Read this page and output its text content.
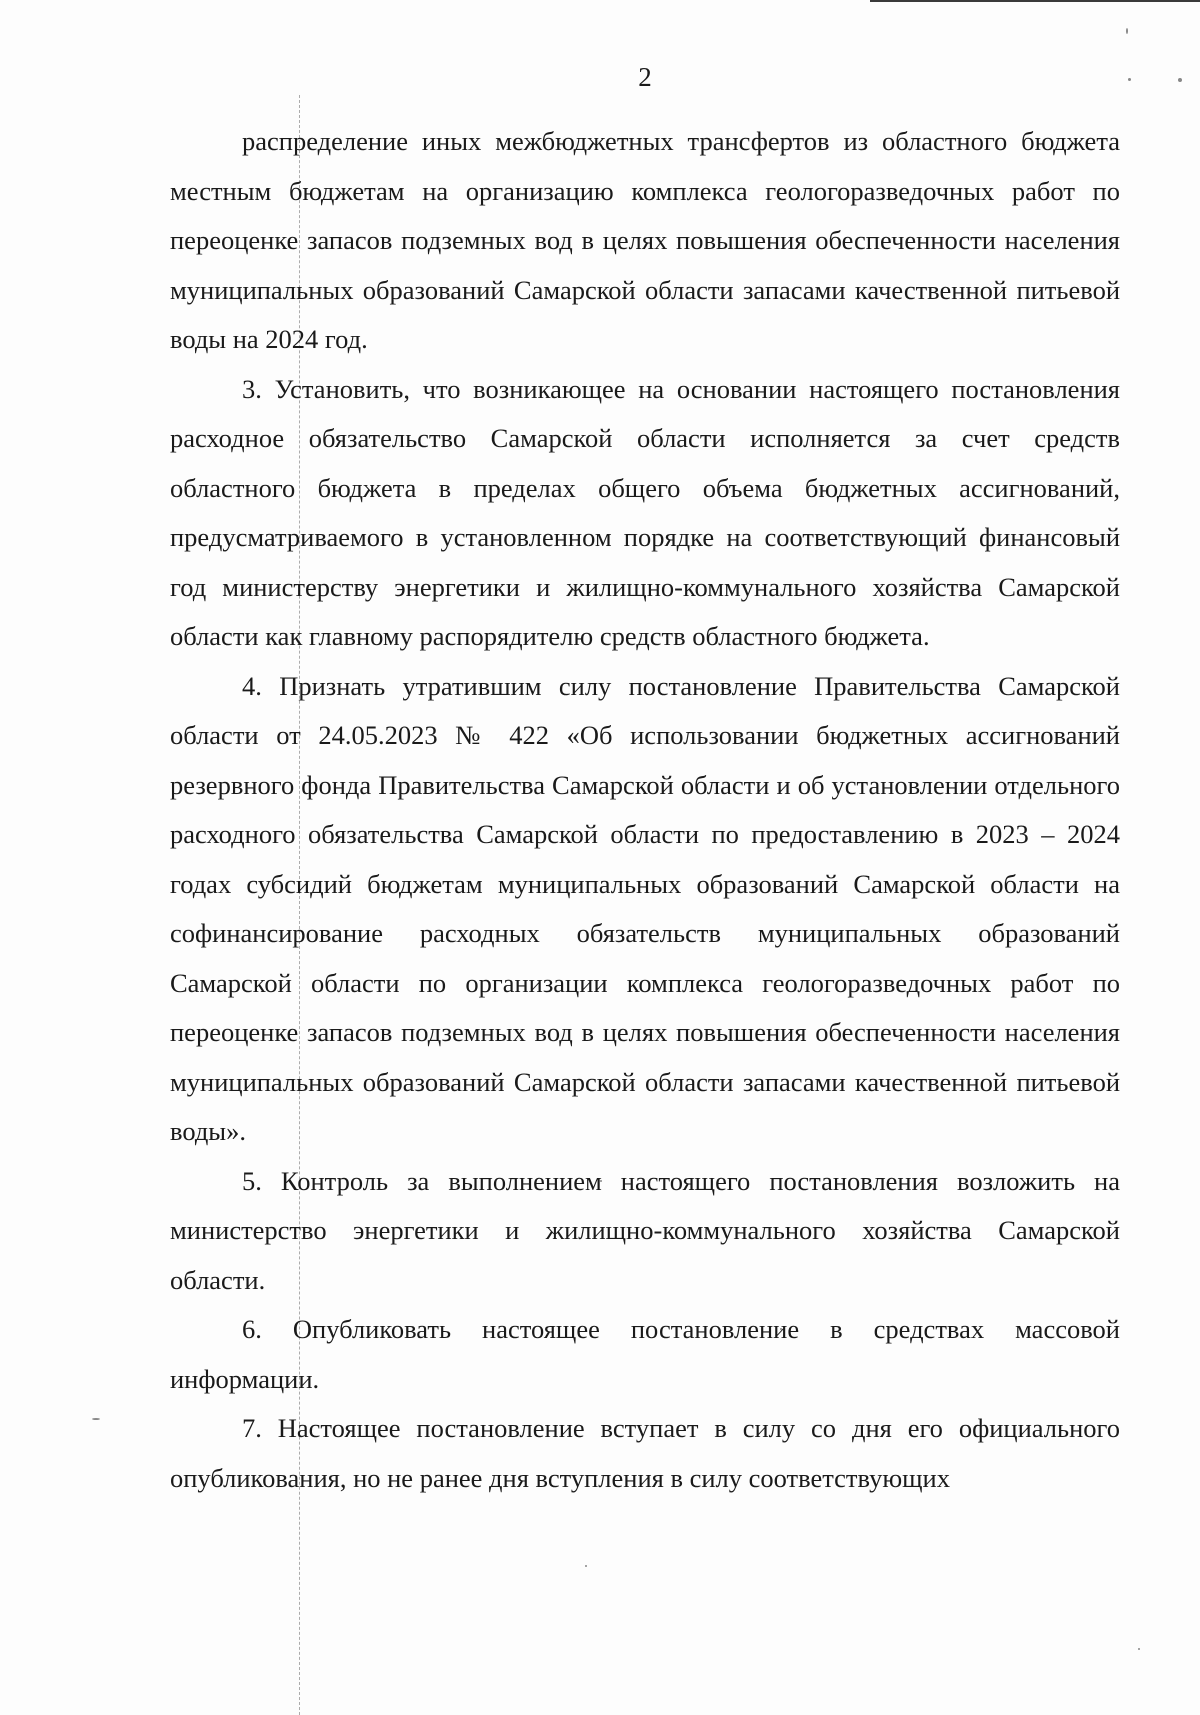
2

распределение иных межбюджетных трансфертов из областного бюджета местным бюджетам на организацию комплекса геологоразведочных работ по переоценке запасов подземных вод в целях повышения обеспеченности населения муниципальных образований Самарской области запасами качественной питьевой воды на 2024 год.

3. Установить, что возникающее на основании настоящего постановления расходное обязательство Самарской области исполняется за счет средств областного бюджета в пределах общего объема бюджетных ассигнований, предусматриваемого в установленном порядке на соответствующий финансовый год министерству энергетики и жилищно-коммунального хозяйства Самарской области как главному распорядителю средств областного бюджета.

4. Признать утратившим силу постановление Правительства Самарской области от 24.05.2023 № 422 «Об использовании бюджетных ассигнований резервного фонда Правительства Самарской области и об установлении отдельного расходного обязательства Самарской области по предоставлению в 2023 – 2024 годах субсидий бюджетам муниципальных образований Самарской области на софинансирование расходных обязательств муниципальных образований Самарской области по организации комплекса геологоразведочных работ по переоценке запасов подземных вод в целях повышения обеспеченности населения муниципальных образований Самарской области запасами качественной питьевой воды».

5. Контроль за выполнением настоящего постановления возложить на министерство энергетики и жилищно-коммунального хозяйства Самарской области.

6. Опубликовать настоящее постановление в средствах массовой информации.

7. Настоящее постановление вступает в силу со дня его официального опубликования, но не ранее дня вступления в силу соответствующих
